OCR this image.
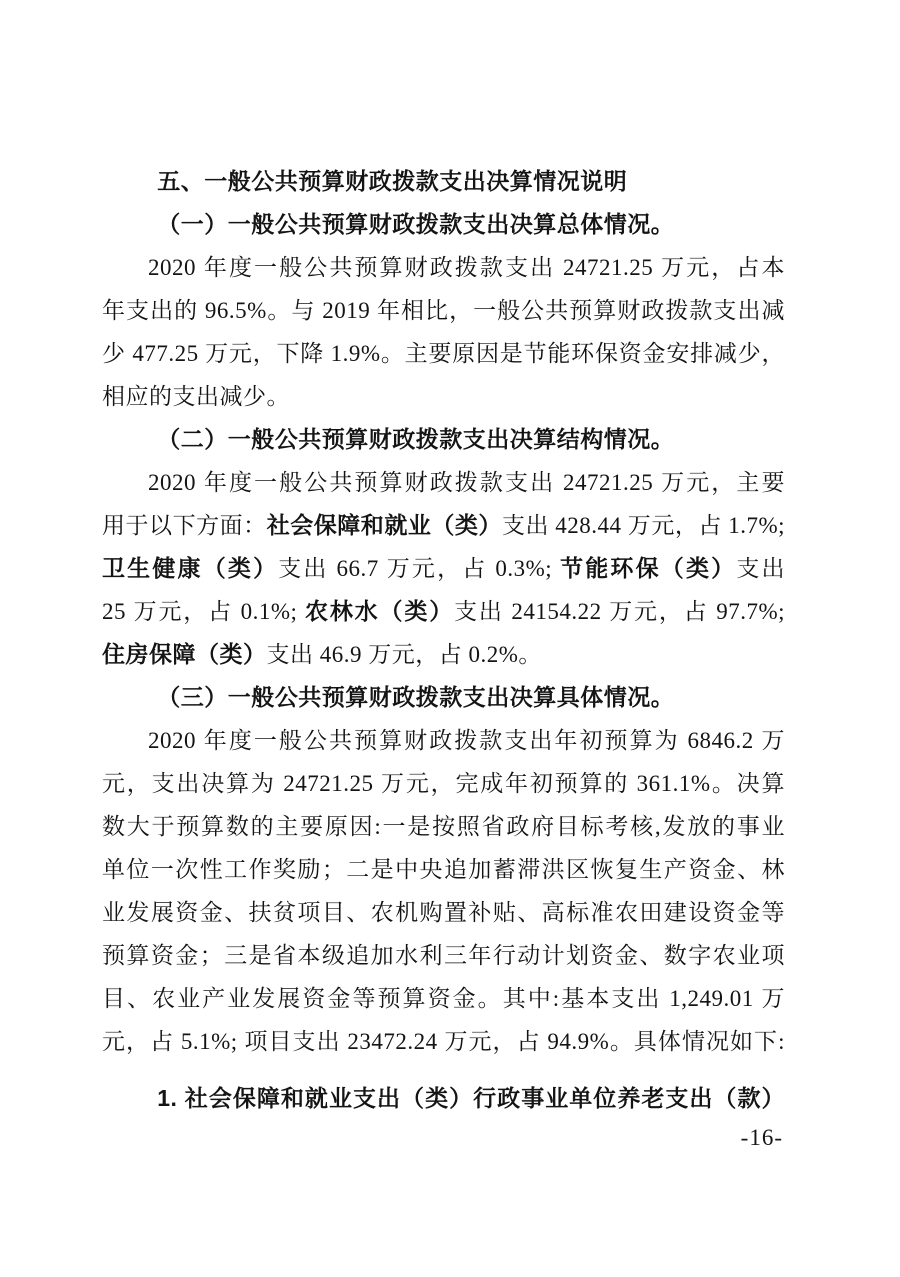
五、一般公共预算财政拨款支出决算情况说明
（一）一般公共预算财政拨款支出决算总体情况。
2020 年度一般公共预算财政拨款支出 24721.25 万元，占本
年支出的 96.5%。与 2019 年相比，一般公共预算财政拨款支出减
少 477.25 万元，下降 1.9%。主要原因是节能环保资金安排减少，
相应的支出减少。
（二）一般公共预算财政拨款支出决算结构情况。
2020 年度一般公共预算财政拨款支出 24721.25 万元，主要
用于以下方面：社会保障和就业（类）支出 428.44 万元，占 1.7%;
卫生健康（类）支出 66.7 万元，占 0.3%; 节能环保（类）支出
25 万元，占 0.1%; 农林水（类）支出 24154.22 万元，占 97.7%;
住房保障（类）支出 46.9 万元，占 0.2%。
（三）一般公共预算财政拨款支出决算具体情况。
2020 年度一般公共预算财政拨款支出年初预算为 6846.2 万
元，支出决算为 24721.25 万元，完成年初预算的 361.1%。决算
数大于预算数的主要原因:一是按照省政府目标考核,发放的事业
单位一次性工作奖励；二是中央追加蓄滞洪区恢复生产资金、林
业发展资金、扶贫项目、农机购置补贴、高标准农田建设资金等
预算资金；三是省本级追加水利三年行动计划资金、数字农业项
目、农业产业发展资金等预算资金。其中:基本支出 1,249.01 万
元，占 5.1%; 项目支出 23472.24 万元，占 94.9%。具体情况如下:
1. 社会保障和就业支出（类）行政事业单位养老支出（款）
-16-
